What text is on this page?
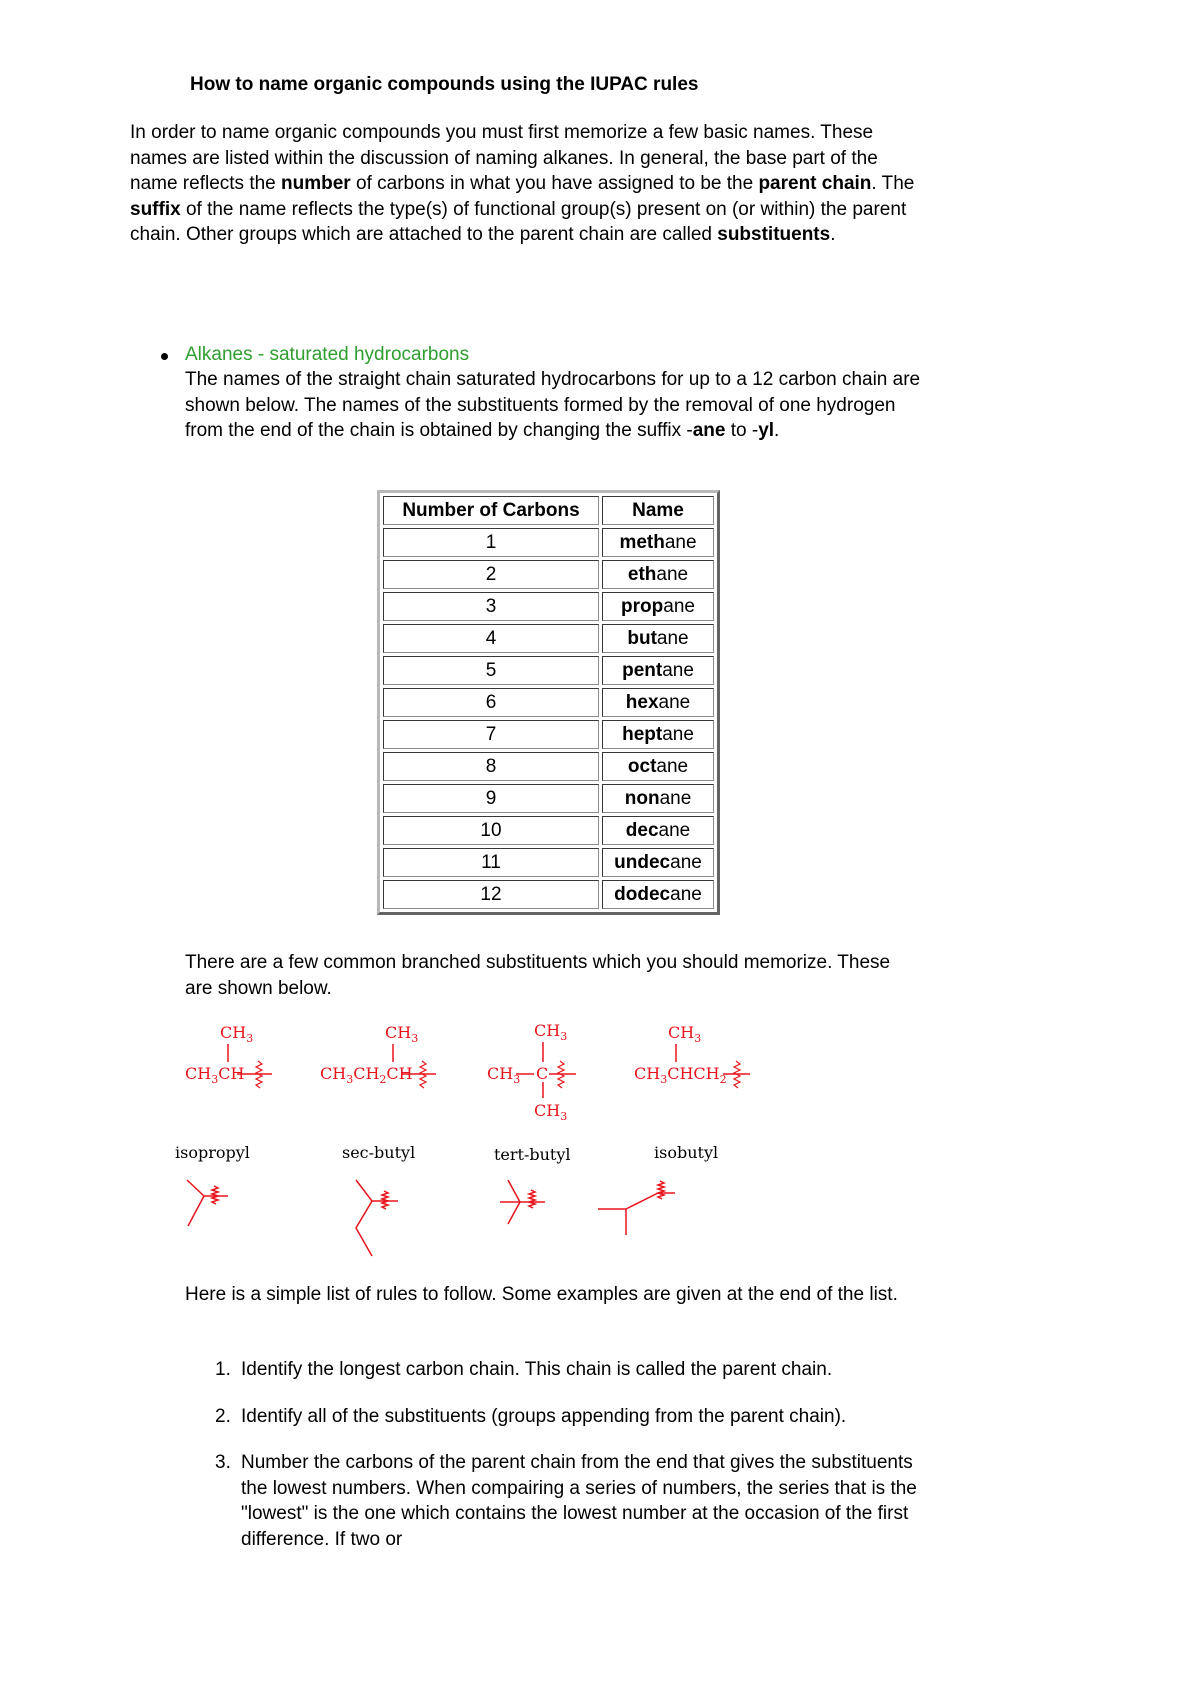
How to name organic compounds using the IUPAC rules

In order to name organic compounds you must first memorize a few basic names. These names are listed within the discussion of naming alkanes. In general, the base part of the name reflects the number of carbons in what you have assigned to be the parent chain. The suffix of the name reflects the type(s) of functional group(s) present on (or within) the parent chain. Other groups which are attached to the parent chain are called substituents.

Alkanes - saturated hydrocarbons
The names of the straight chain saturated hydrocarbons for up to a 12 carbon chain are shown below. The names of the substituents formed by the removal of one hydrogen from the end of the chain is obtained by changing the suffix -ane to -yl.

Number of Carbons	Name
1	methane
2	ethane
3	propane
4	butane
5	pentane
6	hexane
7	heptane
8	octane
9	nonane
10	decane
11	undecane
12	dodecane

There are a few common branched substituents which you should memorize. These are shown below.

$CH_3$
$CH_3CH$
$CH_3$
$CH_3CH_2CH$
$CH_3$
$CH_3$ C
$CH_3$
$CH_3$
$CH_3CHCH_2$
isopropyl	sec-butyl	tert-butyl	isobutyl

Here is a simple list of rules to follow. Some examples are given at the end of the list.

1. Identify the longest carbon chain. This chain is called the parent chain.
2. Identify all of the substituents (groups appending from the parent chain).
3. Number the carbons of the parent chain from the end that gives the substituents the lowest numbers. When compairing a series of numbers, the series that is the "lowest" is the one which contains the lowest number at the occasion of the first difference. If two or
